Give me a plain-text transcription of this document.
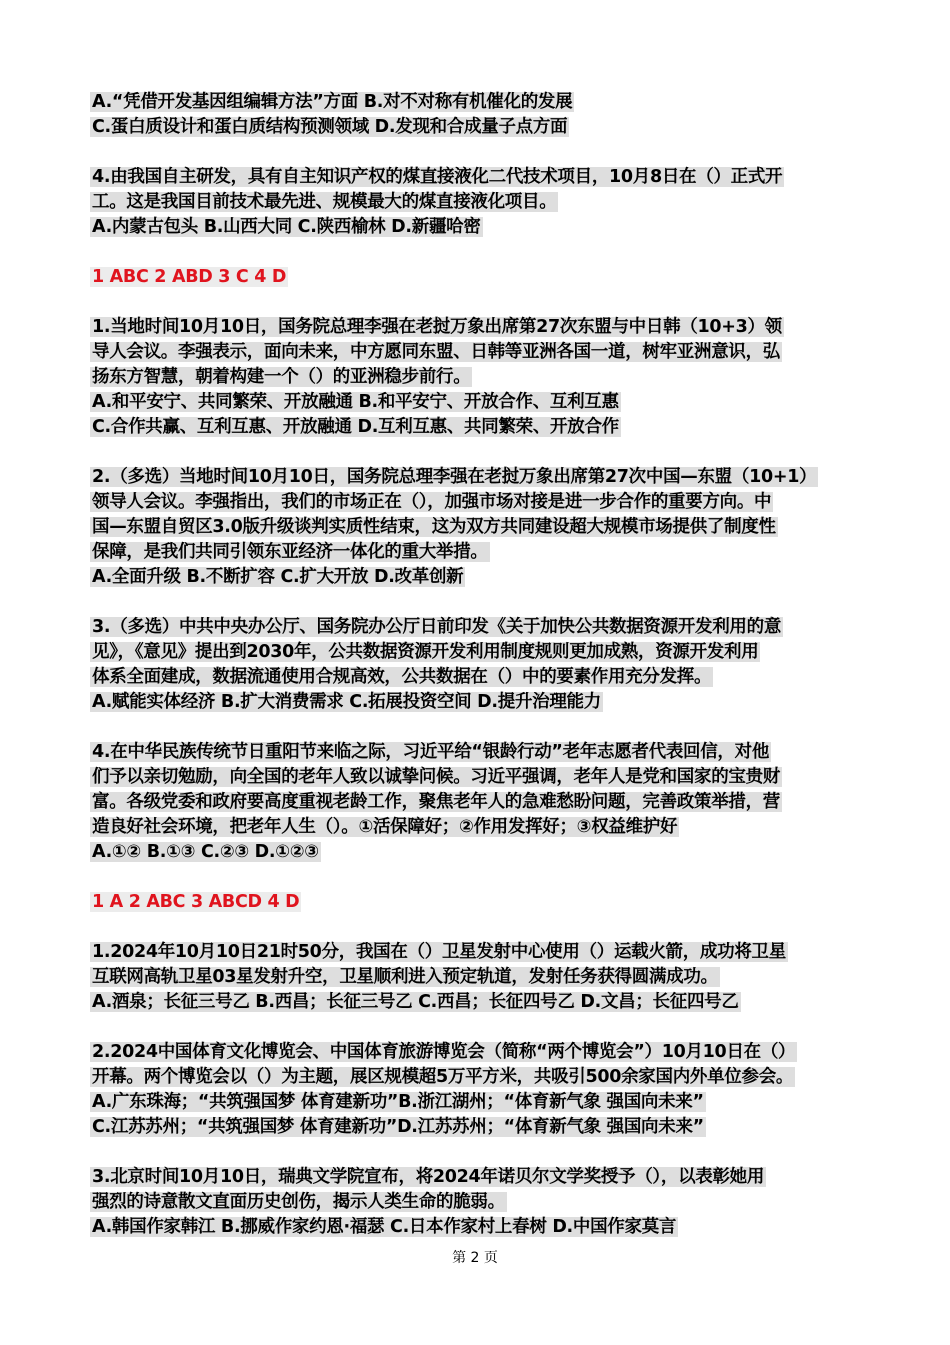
A.“凭借开发基因组编辑方法”方面 B.对不对称有机催化的发展
C.蛋白质设计和蛋白质结构预测领域 D.发现和合成量子点方面
4.由我国自主研发，具有自主知识产权的煤直接液化二代技术项目，10月8日在（）正式开
工。这是我国目前技术最先进、规模最大的煤直接液化项目。
A.内蒙古包头 B.山西大同 C.陕西榆林 D.新疆哈密
1 ABC 2 ABD 3 C 4 D
1.当地时间10月10日，国务院总理李强在老挝万象出席第27次东盟与中日韩（10+3）领
导人会议。李强表示，面向未来，中方愿同东盟、日韩等亚洲各国一道，树牢亚洲意识，弘
扬东方智慧，朝着构建一个（）的亚洲稳步前行。
A.和平安宁、共同繁荣、开放融通 B.和平安宁、开放合作、互利互惠
C.合作共赢、互利互惠、开放融通 D.互利互惠、共同繁荣、开放合作
2.（多选）当地时间10月10日，国务院总理李强在老挝万象出席第27次中国—东盟（10+1）
领导人会议。李强指出，我们的市场正在（），加强市场对接是进一步合作的重要方向。中
国—东盟自贸区3.0版升级谈判实质性结束，这为双方共同建设超大规模市场提供了制度性
保障，是我们共同引领东亚经济一体化的重大举措。
A.全面升级 B.不断扩容 C.扩大开放 D.改革创新
3.（多选）中共中央办公厅、国务院办公厅日前印发《关于加快公共数据资源开发利用的意
见》，《意见》提出到2030年，公共数据资源开发利用制度规则更加成熟，资源开发利用
体系全面建成，数据流通使用合规高效，公共数据在（）中的要素作用充分发挥。
A.赋能实体经济 B.扩大消费需求 C.拓展投资空间 D.提升治理能力
4.在中华民族传统节日重阳节来临之际，习近平给“银龄行动”老年志愿者代表回信，对他
们予以亲切勉励，向全国的老年人致以诚挚问候。习近平强调，老年人是党和国家的宝贵财
富。各级党委和政府要高度重视老龄工作，聚焦老年人的急难愁盼问题，完善政策举措，营
造良好社会环境，把老年人生（）。①活保障好；②作用发挥好；③权益维护好
A.①② B.①③ C.②③ D.①②③
1 A 2 ABC 3 ABCD 4 D
1.2024年10月10日21时50分，我国在（）卫星发射中心使用（）运载火箭，成功将卫星
互联网高轨卫星03星发射升空，卫星顺利进入预定轨道，发射任务获得圆满成功。
A.酒泉；长征三号乙 B.西昌；长征三号乙 C.西昌；长征四号乙 D.文昌；长征四号乙
2.2024中国体育文化博览会、中国体育旅游博览会（简称“两个博览会”）10月10日在（）
开幕。两个博览会以（）为主题，展区规模超5万平方米，共吸引500余家国内外单位参会。
A.广东珠海；“共筑强国梦 体育建新功”B.浙江湖州；“体育新气象 强国向未来”
C.江苏苏州；“共筑强国梦 体育建新功”D.江苏苏州；“体育新气象 强国向未来”
3.北京时间10月10日，瑞典文学院宣布，将2024年诺贝尔文学奖授予（），以表彰她用
强烈的诗意散文直面历史创伤，揭示人类生命的脆弱。
A.韩国作家韩江 B.挪威作家约恩·福瑟 C.日本作家村上春树 D.中国作家莫言
第 2 页
